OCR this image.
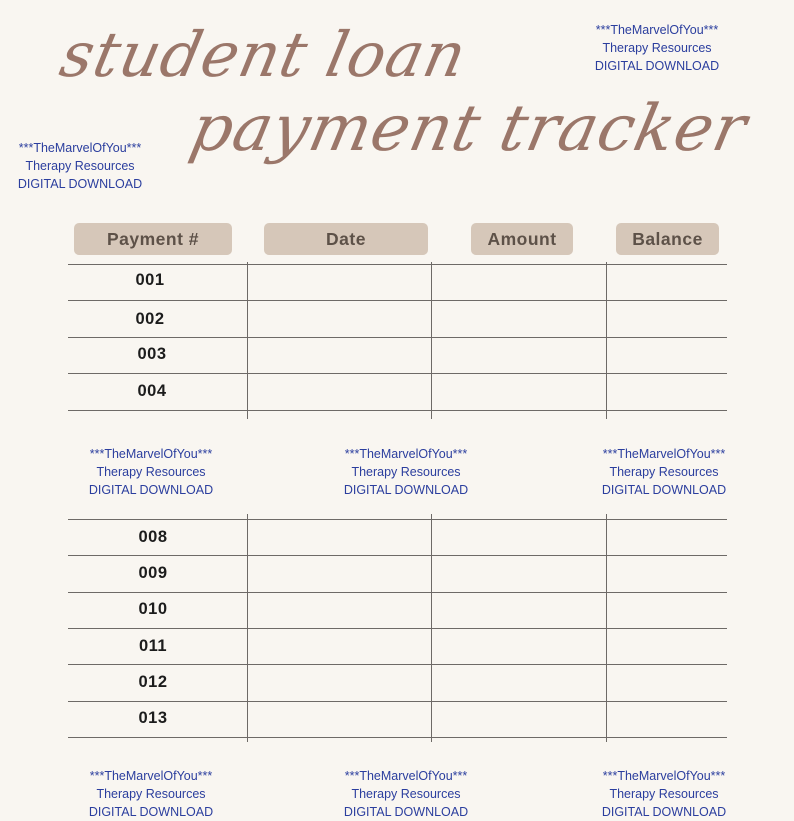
student loan
payment tracker
***TheMarvelOfYou***
Therapy Resources
DIGITAL DOWNLOAD
***TheMarvelOfYou***
Therapy Resources
DIGITAL DOWNLOAD
***TheMarvelOfYou***
Therapy Resources
DIGITAL DOWNLOAD
***TheMarvelOfYou***
Therapy Resources
DIGITAL DOWNLOAD
***TheMarvelOfYou***
Therapy Resources
DIGITAL DOWNLOAD
***TheMarvelOfYou***
Therapy Resources
DIGITAL DOWNLOAD
***TheMarvelOfYou***
Therapy Resources
DIGITAL DOWNLOAD
***TheMarvelOfYou***
Therapy Resources
DIGITAL DOWNLOAD
Payment #	Date	Amount	Balance
001
002
003
004
008
009
010
011
012
013
